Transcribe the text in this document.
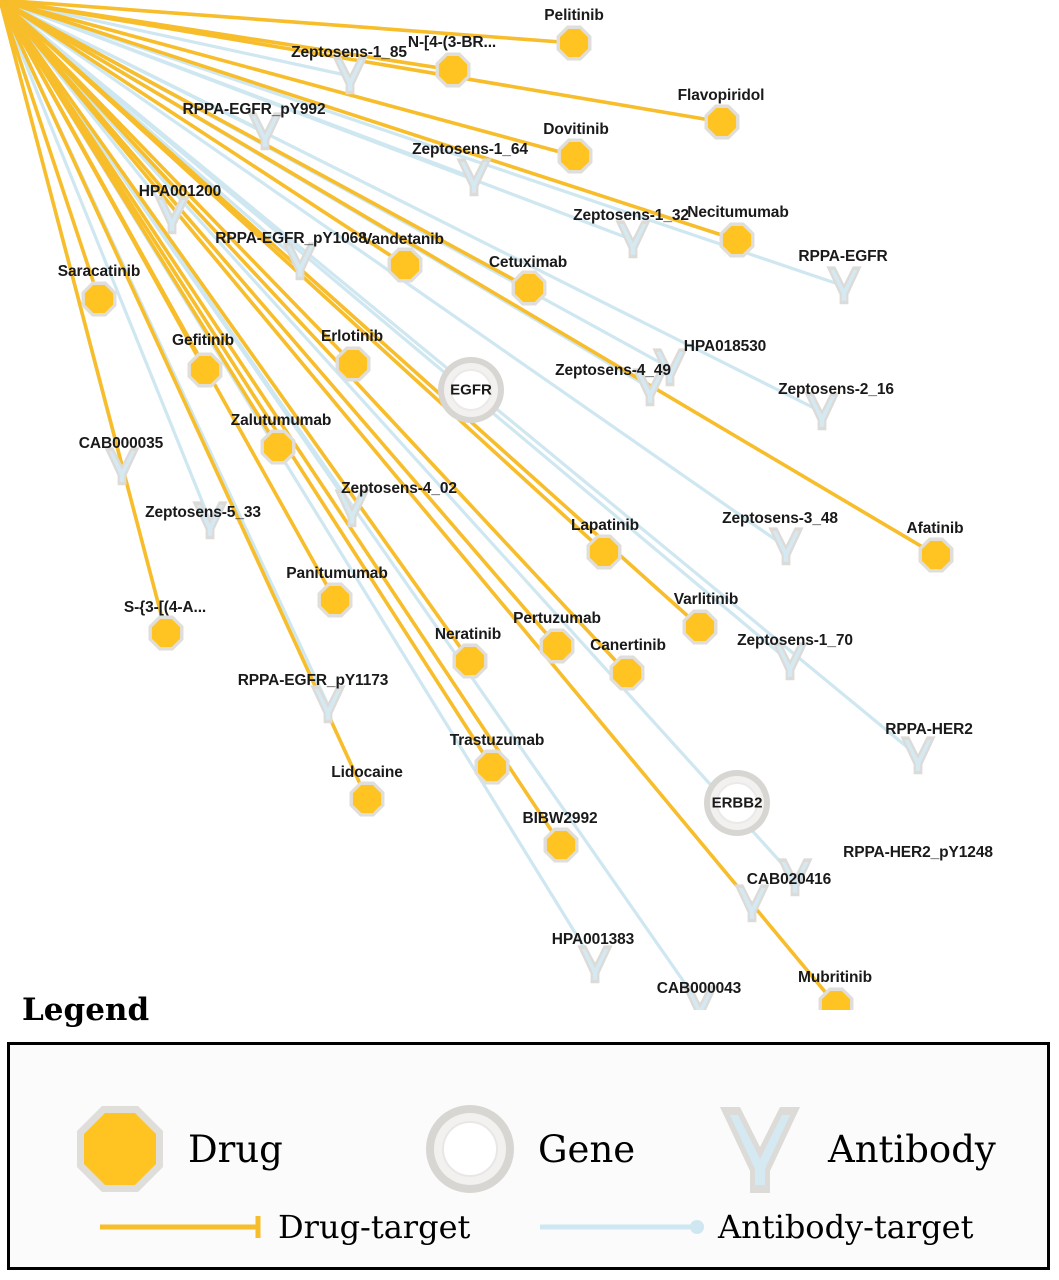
Zeptosens-1_85
RPPA-EGFR_pY992
Zeptosens-1_64
HPA001200
Zeptosens-1_32
RPPA-EGFR_pY1068
RPPA-EGFR
HPA018530
Zeptosens-4_49
Zeptosens-2_16
CAB000035
Zeptosens-5_33
Zeptosens-4_02
Zeptosens-3_48
Zeptosens-1_70
RPPA-EGFR_pY1173
RPPA-HER2
RPPA-HER2_pY1248
CAB020416
HPA001383
CAB000043
Pelitinib
N-[4-(3-BR...
Flavopiridol
Dovitinib
Necitumumab
Vandetanib
Cetuximab
Saracatinib
Gefitinib	Erlotinib
Zalutumumab
Afatinib
Lapatinib
Panitumumab
S-{3-[(4-A...	Varlitinib
Pertuzumab
Neratinib
Canertinib
Trastuzumab
Lidocaine
BIBW2992
Mubritinib
EGFR
ERBB2
Legend
Drug	Gene	Antibody
Drug-target	Antibody-target
